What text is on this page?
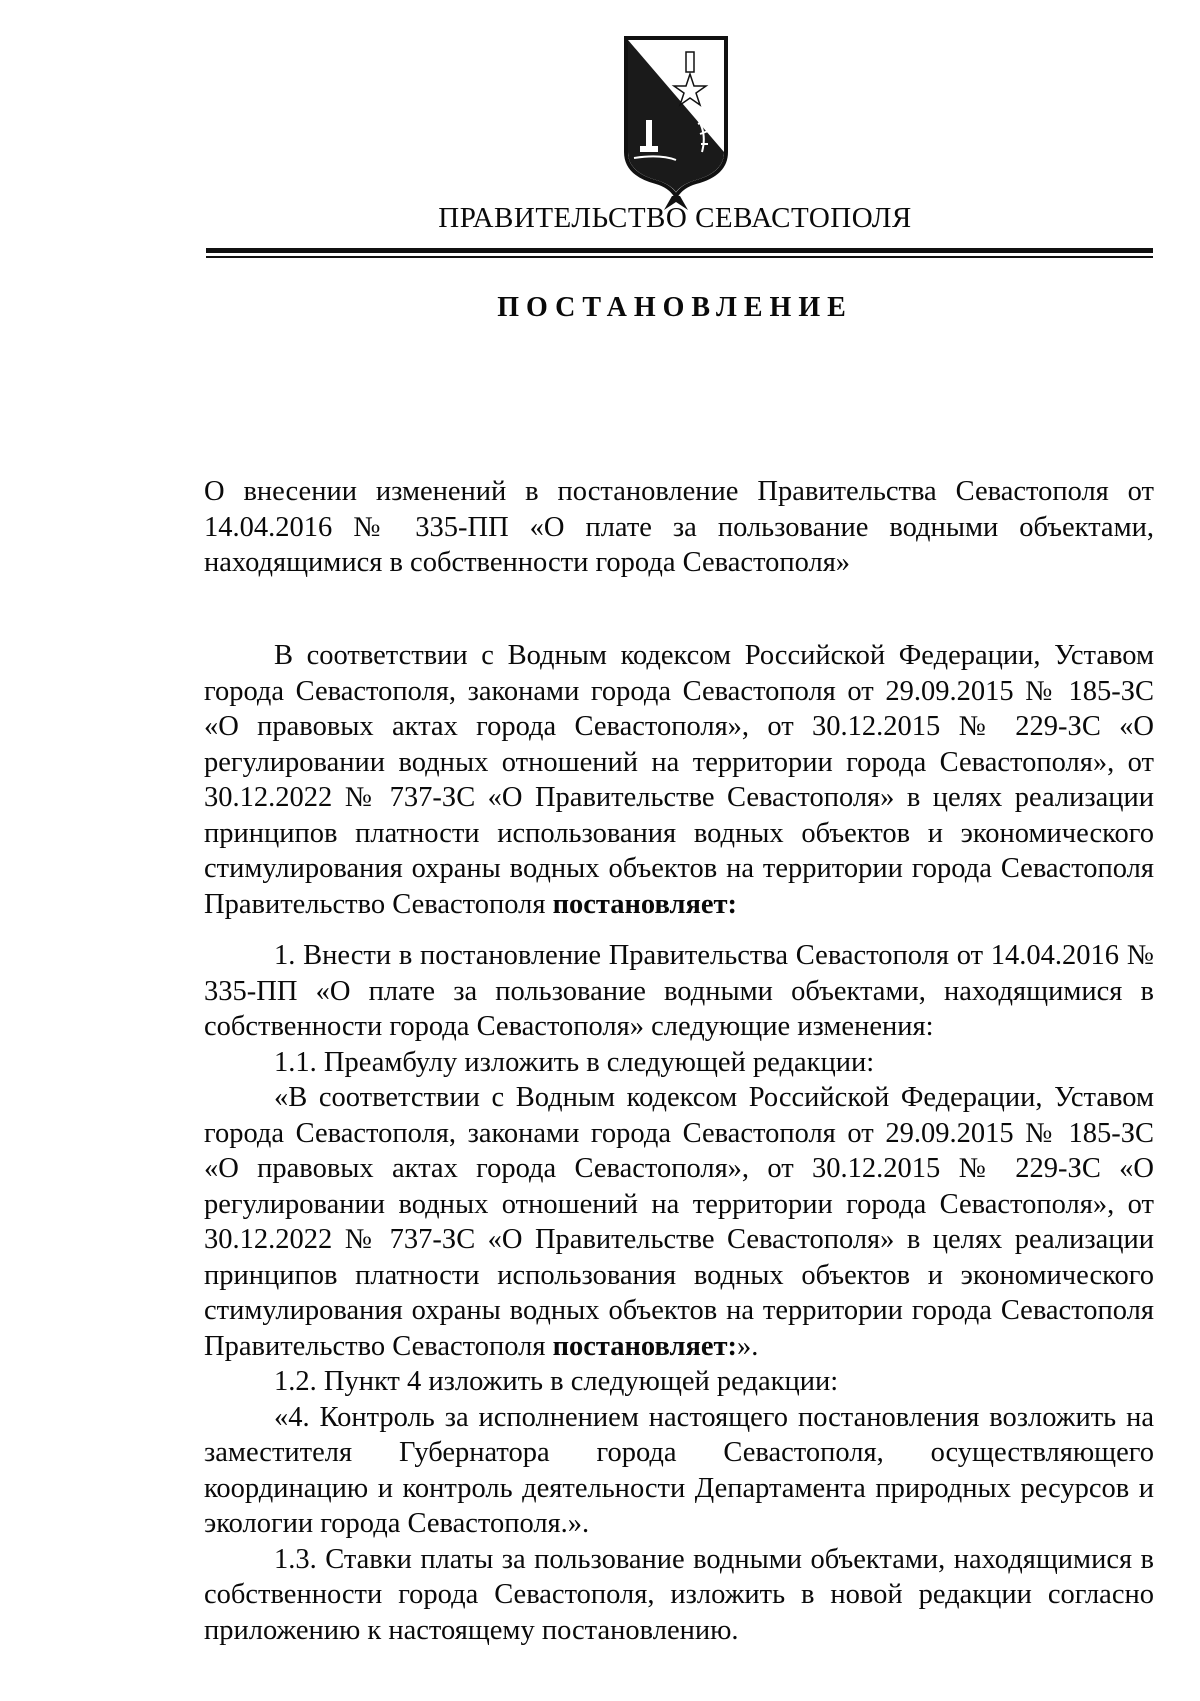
ПРАВИТЕЛЬСТВО СЕВАСТОПОЛЯ
ПОСТАНОВЛЕНИЕ
О внесении изменений в постановление Правительства Севастополя от 14.04.2016 № 335-ПП «О плате за пользование водными объектами, находящимися в собственности города Севастополя»

В соответствии с Водным кодексом Российской Федерации, Уставом города Севастополя, законами города Севастополя от 29.09.2015 № 185-ЗС «О правовых актах города Севастополя», от 30.12.2015 № 229-ЗС «О регулировании водных отношений на территории города Севастополя», от 30.12.2022 № 737-ЗС «О Правительстве Севастополя» в целях реализации принципов платности использования водных объектов и экономического стимулирования охраны водных объектов на территории города Севастополя Правительство Севастополя постановляет:

1. Внести в постановление Правительства Севастополя от 14.04.2016 № 335-ПП «О плате за пользование водными объектами, находящимися в собственности города Севастополя» следующие изменения:

1.1. Преамбулу изложить в следующей редакции:

«В соответствии с Водным кодексом Российской Федерации, Уставом города Севастополя, законами города Севастополя от 29.09.2015 № 185-ЗС «О правовых актах города Севастополя», от 30.12.2015 № 229-ЗС «О регулировании водных отношений на территории города Севастополя», от 30.12.2022 № 737-ЗС «О Правительстве Севастополя» в целях реализации принципов платности использования водных объектов и экономического стимулирования охраны водных объектов на территории города Севастополя Правительство Севастополя постановляет:».

1.2. Пункт 4 изложить в следующей редакции:

«4. Контроль за исполнением настоящего постановления возложить на заместителя Губернатора города Севастополя, осуществляющего координацию и контроль деятельности Департамента природных ресурсов и экологии города Севастополя.».

1.3. Ставки платы за пользование водными объектами, находящимися в собственности города Севастополя, изложить в новой редакции согласно приложению к настоящему постановлению.
